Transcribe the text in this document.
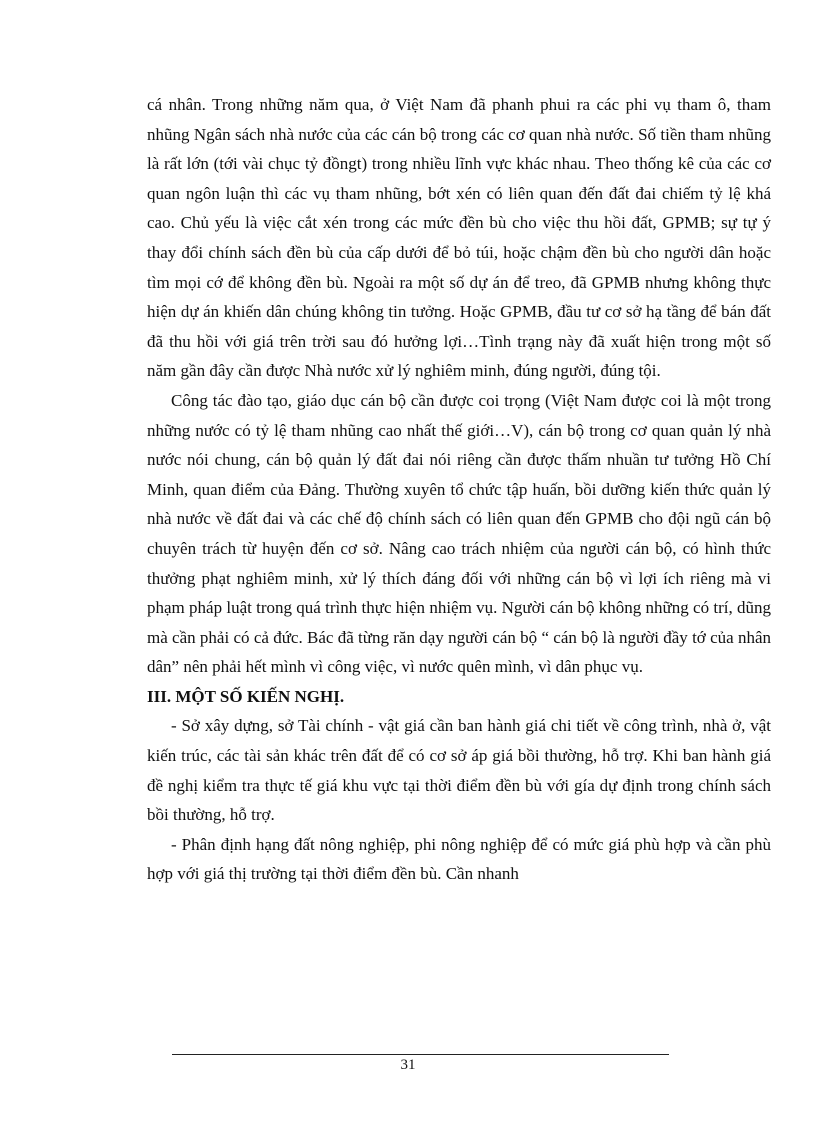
cá nhân. Trong những năm qua, ở Việt Nam đã phanh phui ra các phi vụ tham ô, tham nhũng Ngân sách nhà nước của các cán bộ trong các cơ quan nhà nước. Số tiền tham nhũng là rất lớn (tới vài chục tỷ đồngt) trong nhiều lĩnh vực khác nhau. Theo thống kê của các cơ quan ngôn luận thì các vụ tham nhũng, bớt xén có liên quan đến đất đai chiếm tỷ lệ khá cao. Chủ yếu là việc cắt xén trong các mức đền bù cho việc thu hồi đất, GPMB; sự tự ý thay đổi chính sách đền bù của cấp dưới để bỏ túi, hoặc chậm đền bù cho người dân hoặc tìm mọi cớ để không đền bù. Ngoài ra một số dự án để treo, đã GPMB nhưng không thực hiện dự án khiến dân chúng không tin tưởng. Hoặc GPMB, đầu tư cơ sở hạ tầng để bán đất đã thu hồi với giá trên trời sau đó hưởng lợi…Tình trạng này đã xuất hiện trong một số năm gần đây cần được Nhà nước xử lý nghiêm minh, đúng người, đúng tội.

Công tác đào tạo, giáo dục cán bộ cần được coi trọng (Việt Nam được coi là một trong những nước có tỷ lệ tham nhũng cao nhất thế giới…V), cán bộ trong cơ quan quản lý nhà nước nói chung, cán bộ quản lý đất đai nói riêng cần được thấm nhuần tư tưởng Hồ Chí Minh, quan điểm của Đảng. Thường xuyên tổ chức tập huấn, bồi dưỡng kiến thức quản lý nhà nước về đất đai và các chế độ chính sách có liên quan đến GPMB cho đội ngũ cán bộ chuyên trách từ huyện đến cơ sở. Nâng cao trách nhiệm của người cán bộ, có hình thức thưởng phạt nghiêm minh, xử lý thích đáng đối với những cán bộ vì lợi ích riêng mà vi phạm pháp luật trong quá trình thực hiện nhiệm vụ. Người cán bộ không những có trí, dũng mà cần phải có cả đức. Bác đã từng răn dạy người cán bộ “ cán bộ là người đầy tớ của nhân dân” nên phải hết mình vì công việc, vì nước quên mình, vì dân phục vụ.

III. MỘT SỐ KIẾN NGHỊ.

- Sở xây dựng, sở Tài chính - vật giá cần ban hành giá chi tiết về công trình, nhà ở, vật kiến trúc, các tài sản khác trên đất để có cơ sở áp giá bồi thường, hỗ trợ. Khi ban hành giá đề nghị kiểm tra thực tế giá khu vực tại thời điểm đền bù với gía dự định trong chính sách bồi thường, hỗ trợ.

- Phân định hạng đất nông nghiệp, phi nông nghiệp để có mức giá phù hợp và cần phù hợp với giá thị trường tại thời điểm đền bù. Cần nhanh

31
